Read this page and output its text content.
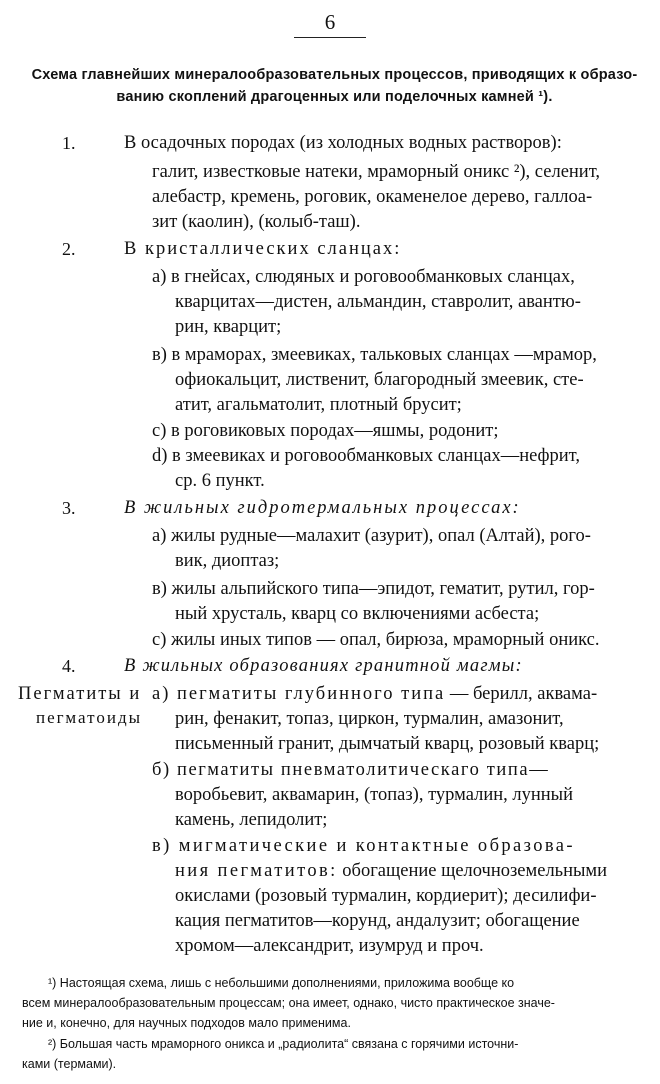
6
Схема главнейших минералообразовательных процессов, приводящих к образо-
ванию скоплений драгоценных или поделочных камней ¹).
1.	В осадочных породах (из холодных водных растворов):
галит, известковые натеки, мраморный оникс ²), селенит,
алебастр, кремень, роговик, окаменелое дерево, галлоа-
зит (каолин), (колыб-таш).
2.	В кристаллических сланцах:
а) в гнейсах, слюдяных и роговообманковых сланцах,
кварцитах—дистен, альмандин, ставролит, авантю-
рин, кварцит;
в) в мраморах, змеевиках, тальковых сланцах —мрамор,
офиокальцит, лиственит, благородный змеевик, сте-
атит, агальматолит, плотный брусит;
с) в роговиковых породах—яшмы, родонит;
d) в змеевиках и роговообманковых сланцах—нефрит,
ср. 6 пункт.
3.	В жильных гидротермальных процессах:
а) жилы рудные—малахит (азурит), опал (Алтай), рого-
вик, диоптаз;
в) жилы альпийского типа—эпидот, гематит, рутил, гор-
ный хрусталь, кварц со включениями асбеста;
с) жилы иных типов — опал, бирюза, мраморный оникс.
4.	В жильных образованиях гранитной магмы:
Пегматиты и
пегматоиды
а) пегматиты глубинного типа — берилл, аквама-
рин, фенакит, топаз, циркон, турмалин, амазонит,
письменный гранит, дымчатый кварц, розовый кварц;
б) пегматиты пневматолитическаго типа—
воробьевит, аквамарин, (топаз), турмалин, лунный
камень, лепидолит;
в) мигматические и контактные образова-
ния пегматитов: обогащение щелочноземельными
окислами (розовый турмалин, кордиерит); десилифи-
кация пегматитов—корунд, андалузит; обогащение
хромом—александрит, изумруд и проч.
¹) Настоящая схема, лишь с небольшими дополнениями, приложима вообще ко
всем минералообразовательным процессам; она имеет, однако, чисто практическое значе-
ние и, конечно, для научных подходов мало применима.
²) Большая часть мраморного оникса и „радиолита“ связана с горячими источни-
ками (термами).
